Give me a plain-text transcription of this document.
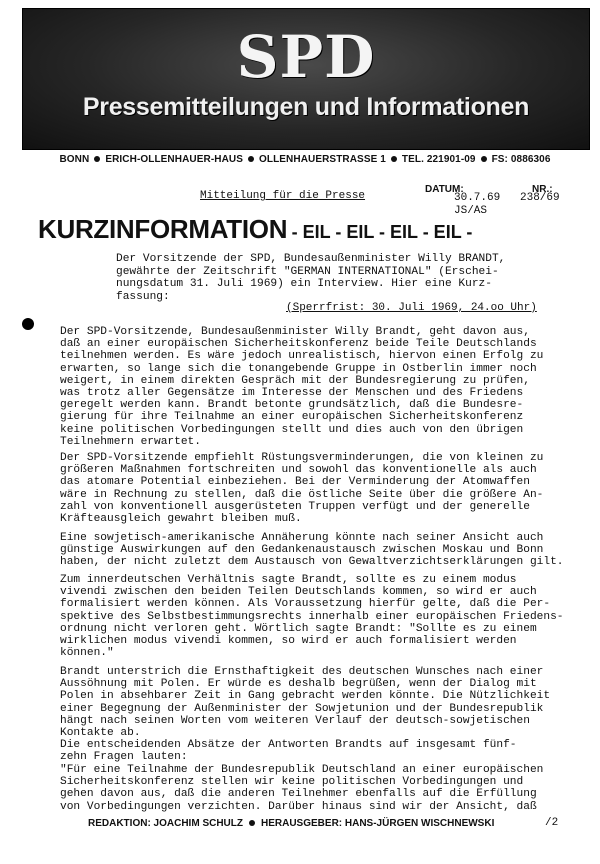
SPD
Pressemitteilungen und Informationen
BONN ERICH-OLLENHAUER-HAUS OLLENHAUERSTRASSE 1 TEL. 221901-09 FS: 0886306
Mitteilung für die Presse
DATUM:
30.7.69
NR.:
238/69
JS/AS
KURZINFORMATION - EIL - EIL - EIL - EIL -
Der Vorsitzende der SPD, Bundesaußenminister Willy BRANDT,
gewährte der Zeitschrift "GERMAN INTERNATIONAL" (Erschei-
nungsdatum 31. Juli 1969) ein Interview. Hier eine Kurz-
fassung:
(Sperrfrist: 30. Juli 1969, 24.oo Uhr)

Der SPD-Vorsitzende, Bundesaußenminister Willy Brandt, geht davon aus,

daß an einer europäischen Sicherheitskonferenz beide Teile Deutschlands

teilnehmen werden. Es wäre jedoch unrealistisch, hiervon einen Erfolg zu

erwarten, so lange sich die tonangebende Gruppe in Ostberlin immer noch

weigert, in einem direkten Gespräch mit der Bundesregierung zu prüfen,

was trotz aller Gegensätze im Interesse der Menschen und des Friedens

geregelt werden kann. Brandt betonte grundsätzlich, daß die Bundesre-

gierung für ihre Teilnahme an einer europäischen Sicherheitskonferenz

keine politischen Vorbedingungen stellt und dies auch von den übrigen

Teilnehmern erwartet.

Der SPD-Vorsitzende empfiehlt Rüstungsverminderungen, die von kleinen zu

größeren Maßnahmen fortschreiten und sowohl das konventionelle als auch

das atomare Potential einbeziehen. Bei der Verminderung der Atomwaffen

wäre in Rechnung zu stellen, daß die östliche Seite über die größere An-

zahl von konventionell ausgerüsteten Truppen verfügt und der generelle

Kräfteausgleich gewahrt bleiben muß.

Eine sowjetisch-amerikanische Annäherung könnte nach seiner Ansicht auch

günstige Auswirkungen auf den Gedankenaustausch zwischen Moskau und Bonn

haben, der nicht zuletzt dem Austausch von Gewaltverzichtserklärungen gilt.

Zum innerdeutschen Verhältnis sagte Brandt, sollte es zu einem modus

vivendi zwischen den beiden Teilen Deutschlands kommen, so wird er auch

formalisiert werden können. Als Voraussetzung hierfür gelte, daß die Per-

spektive des Selbstbestimmungsrechts innerhalb einer europäischen Friedens-

ordnung nicht verloren geht. Wörtlich sagte Brandt: "Sollte es zu einem

wirklichen modus vivendi kommen, so wird er auch formalisiert werden

können."

Brandt unterstrich die Ernsthaftigkeit des deutschen Wunsches nach einer

Aussöhnung mit Polen. Er würde es deshalb begrüßen, wenn der Dialog mit

Polen in absehbarer Zeit in Gang gebracht werden könnte. Die Nützlichkeit

einer Begegnung der Außenminister der Sowjetunion und der Bundesrepublik

hängt nach seinen Worten vom weiteren Verlauf der deutsch-sowjetischen

Kontakte ab.

Die entscheidenden Absätze der Antworten Brandts auf insgesamt fünf-

zehn Fragen lauten:

"Für eine Teilnahme der Bundesrepublik Deutschland an einer europäischen

Sicherheitskonferenz stellen wir keine politischen Vorbedingungen und

gehen davon aus, daß die anderen Teilnehmer ebenfalls auf die Erfüllung

von Vorbedingungen verzichten. Darüber hinaus sind wir der Ansicht, daß

REDAKTION: JOACHIM SCHULZ HERAUSGEBER: HANS-JÜRGEN WISCHNEWSKI	/2
